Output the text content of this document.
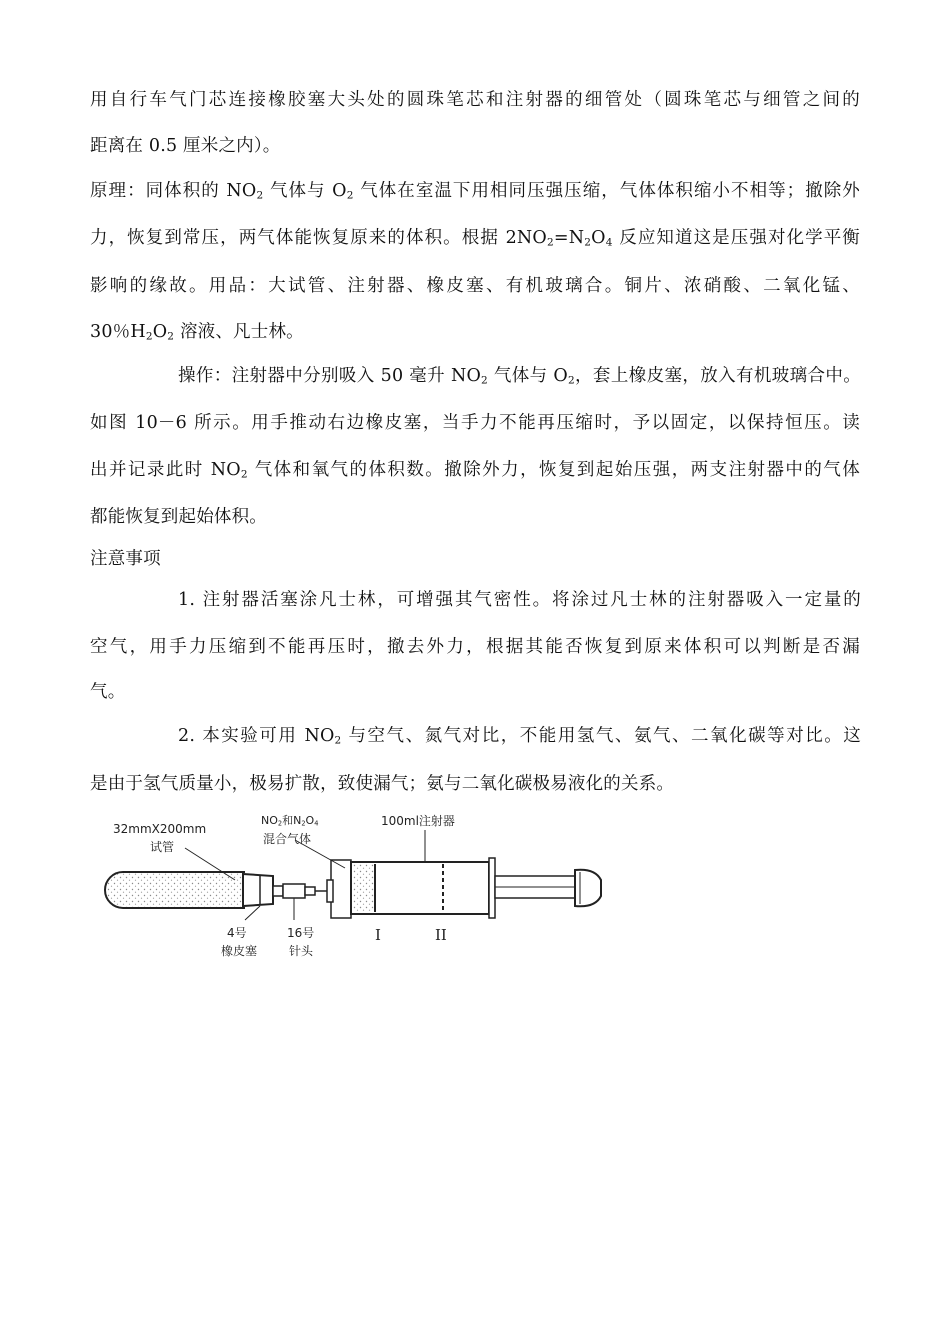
用自行车气门芯连接橡胶塞大头处的圆珠笔芯和注射器的细管处（圆珠笔芯与细管之间的
距离在 0.5 厘米之内）。
原理：同体积的 $NO_2$ 气体与 $O_2$ 气体在室温下用相同压强压缩，气体体积缩小不相等；撤除外
力，恢复到常压，两气体能恢复原来的体积。根据 $2NO_2=N_2O_4$ 反应知道这是压强对化学平衡
影响的缘故。用品：大试管、注射器、橡皮塞、有机玻璃合。铜片、浓硝酸、二氧化锰、
30％$H_2O_2$ 溶液、凡士林。
操作：注射器中分别吸入 50 毫升 $NO_2$ 气体与 $O_2$，套上橡皮塞，放入有机玻璃合中。
如图 10－6 所示。用手推动右边橡皮塞，当手力不能再压缩时，予以固定，以保持恒压。读
出并记录此时 $NO_2$ 气体和氧气的体积数。撤除外力，恢复到起始压强，两支注射器中的气体
都能恢复到起始体积。
注意事项
1. 注射器活塞涂凡士林，可增强其气密性。将涂过凡士林的注射器吸入一定量的
空气，用手力压缩到不能再压时，撤去外力，根据其能否恢复到原来体积可以判断是否漏
气。
2. 本实验可用 $NO_2$ 与空气、氮气对比，不能用氢气、氨气、二氧化碳等对比。这
是由于氢气质量小，极易扩散，致使漏气；氨与二氧化碳极易液化的关系。
32mmX200mm
试管
$NO_2$和$N_2O_4$
混合气体
100ml注射器
4号
橡皮塞
16号
针头
I	II
